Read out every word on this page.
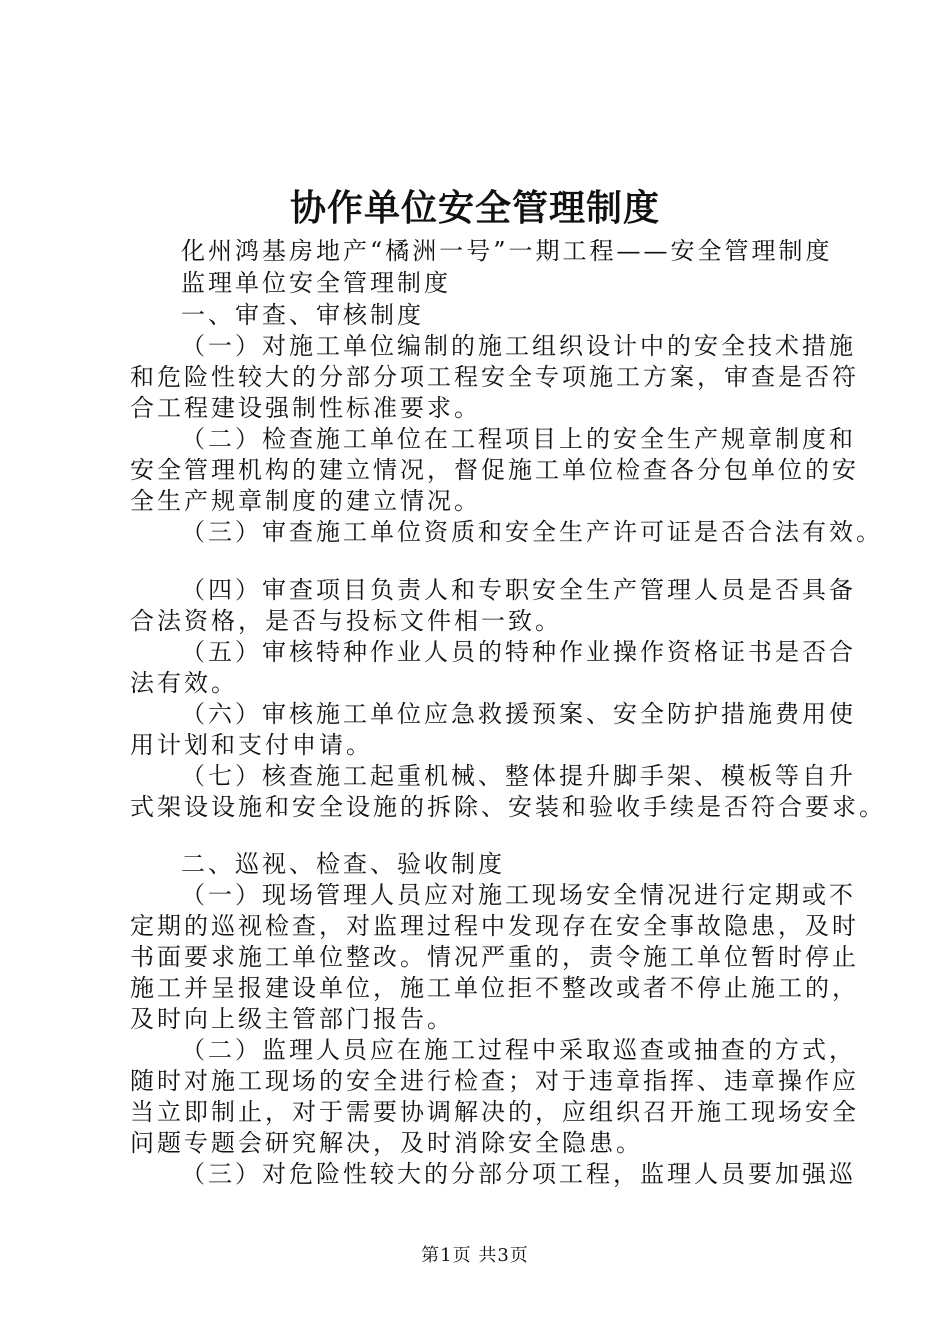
协作单位安全管理制度
化州鸿基房地产“橘洲一号”一期工程——安全管理制度
监理单位安全管理制度
一、审查、审核制度
（一）对施工单位编制的施工组织设计中的安全技术措施
和危险性较大的分部分项工程安全专项施工方案，审查是否符
合工程建设强制性标准要求。
（二）检查施工单位在工程项目上的安全生产规章制度和
安全管理机构的建立情况，督促施工单位检查各分包单位的安
全生产规章制度的建立情况。
（三）审查施工单位资质和安全生产许可证是否合法有效。
（四）审查项目负责人和专职安全生产管理人员是否具备
合法资格，是否与投标文件相一致。
（五）审核特种作业人员的特种作业操作资格证书是否合
法有效。
（六）审核施工单位应急救援预案、安全防护措施费用使
用计划和支付申请。
（七）核查施工起重机械、整体提升脚手架、模板等自升
式架设设施和安全设施的拆除、安装和验收手续是否符合要求。
二、巡视、检查、验收制度
（一）现场管理人员应对施工现场安全情况进行定期或不
定期的巡视检查，对监理过程中发现存在安全事故隐患，及时
书面要求施工单位整改。情况严重的，责令施工单位暂时停止
施工并呈报建设单位，施工单位拒不整改或者不停止施工的，
及时向上级主管部门报告。
（二）监理人员应在施工过程中采取巡查或抽查的方式，
随时对施工现场的安全进行检查；对于违章指挥、违章操作应
当立即制止，对于需要协调解决的，应组织召开施工现场安全
问题专题会研究解决，及时消除安全隐患。
（三）对危险性较大的分部分项工程，监理人员要加强巡
第1页 共3页
